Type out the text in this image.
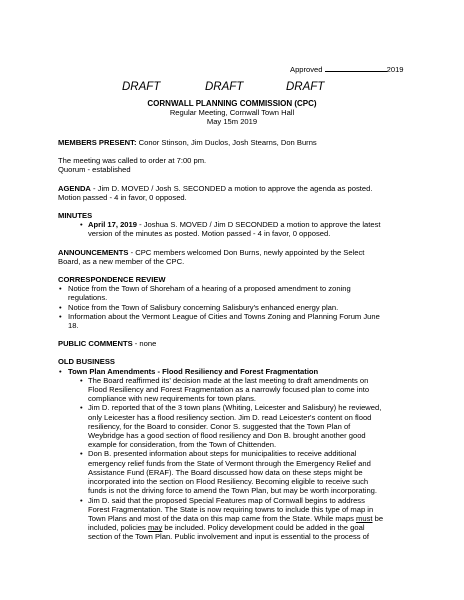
Approved	2019
DRAFT	DRAFT	DRAFT
CORNWALL PLANNING COMMISSION (CPC)
Regular Meeting, Cornwall Town Hall
May 15m 2019

MEMBERS PRESENT: Conor Stinson, Jim Duclos, Josh Stearns, Don Burns

The meeting was called to order at 7:00 pm.

Quorum - established

AGENDA - Jim D. MOVED / Josh S. SECONDED a motion to approve the agenda as posted.

Motion passed - 4 in favor, 0 opposed.

MINUTES

• April 17, 2019 - Joshua S. MOVED / Jim D SECONDED a motion to approve the latest
version of the minutes as posted. Motion passed - 4 in favor, 0 opposed.

ANNOUNCEMENTS - CPC members welcomed Don Burns, newly appointed by the Select

Board, as a new member of the CPC.

CORRESPONDENCE REVIEW

• Notice from the Town of Shoreham of a hearing of a proposed amendment to zoning
regulations.
• Notice from the Town of Salisbury concerning Salisbury's enhanced energy plan.
• Information about the Vermont League of Cities and Towns Zoning and Planning Forum June
18.

PUBLIC COMMENTS - none

OLD BUSINESS

• Town Plan Amendments - Flood Resiliency and Forest Fragmentation
• The Board reaffirmed its' decision made at the last meeting to draft amendments on
Flood Resiliency and Forest Fragmentation as a narrowly focused plan to come into
compliance with new requirements for town plans.
• Jim D. reported that of the 3 town plans (Whiting, Leicester and Salisbury) he reviewed,
only Leicester has a flood resiliency section. Jim D. read Leicester's content on flood
resiliency, for the Board to consider. Conor S. suggested that the Town Plan of
Weybridge has a good section of flood resiliency and Don B. brought another good
example for consideration, from the Town of Chittenden.
• Don B. presented information about steps for municipalities to receive additional
emergency relief funds from the State of Vermont through the Emergency Relief and
Assistance Fund (ERAF). The Board discussed how data on these steps might be
incorporated into the section on Flood Resiliency. Becoming eligible to receive such
funds is not the driving force to amend the Town Plan, but may be worth incorporating.
• Jim D. said that the proposed Special Features map of Cornwall begins to address
Forest Fragmentation. The State is now requiring towns to include this type of map in
Town Plans and most of the data on this map came from the State. While maps must be
included, policies may be included. Policy development could be added in the goal
section of the Town Plan. Public involvement and input is essential to the process of
